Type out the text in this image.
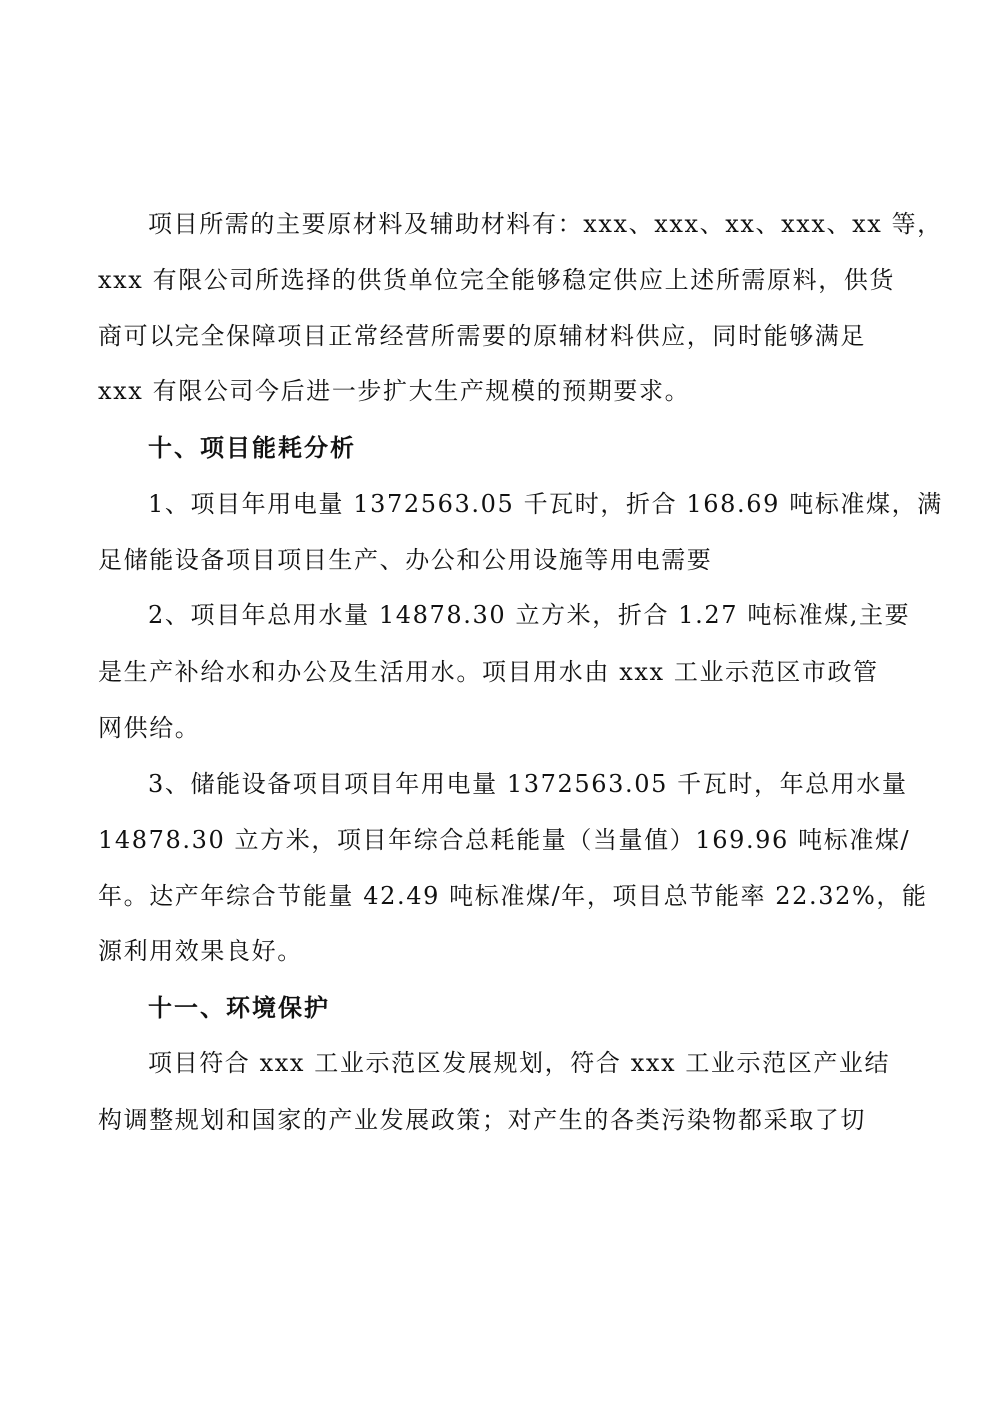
项目所需的主要原材料及辅助材料有：xxx、xxx、xx、xxx、xx 等，
xxx 有限公司所选择的供货单位完全能够稳定供应上述所需原料，供货
商可以完全保障项目正常经营所需要的原辅材料供应，同时能够满足
xxx 有限公司今后进一步扩大生产规模的预期要求。
十、项目能耗分析
1、项目年用电量 1372563.05 千瓦时，折合 168.69 吨标准煤，满
足储能设备项目项目生产、办公和公用设施等用电需要
2、项目年总用水量 14878.30 立方米，折合 1.27 吨标准煤,主要
是生产补给水和办公及生活用水。项目用水由 xxx 工业示范区市政管
网供给。
3、储能设备项目项目年用电量 1372563.05 千瓦时，年总用水量
14878.30 立方米，项目年综合总耗能量（当量值）169.96 吨标准煤/
年。达产年综合节能量 42.49 吨标准煤/年，项目总节能率 22.32%，能
源利用效果良好。
十一、环境保护
项目符合 xxx 工业示范区发展规划，符合 xxx 工业示范区产业结
构调整规划和国家的产业发展政策；对产生的各类污染物都采取了切
